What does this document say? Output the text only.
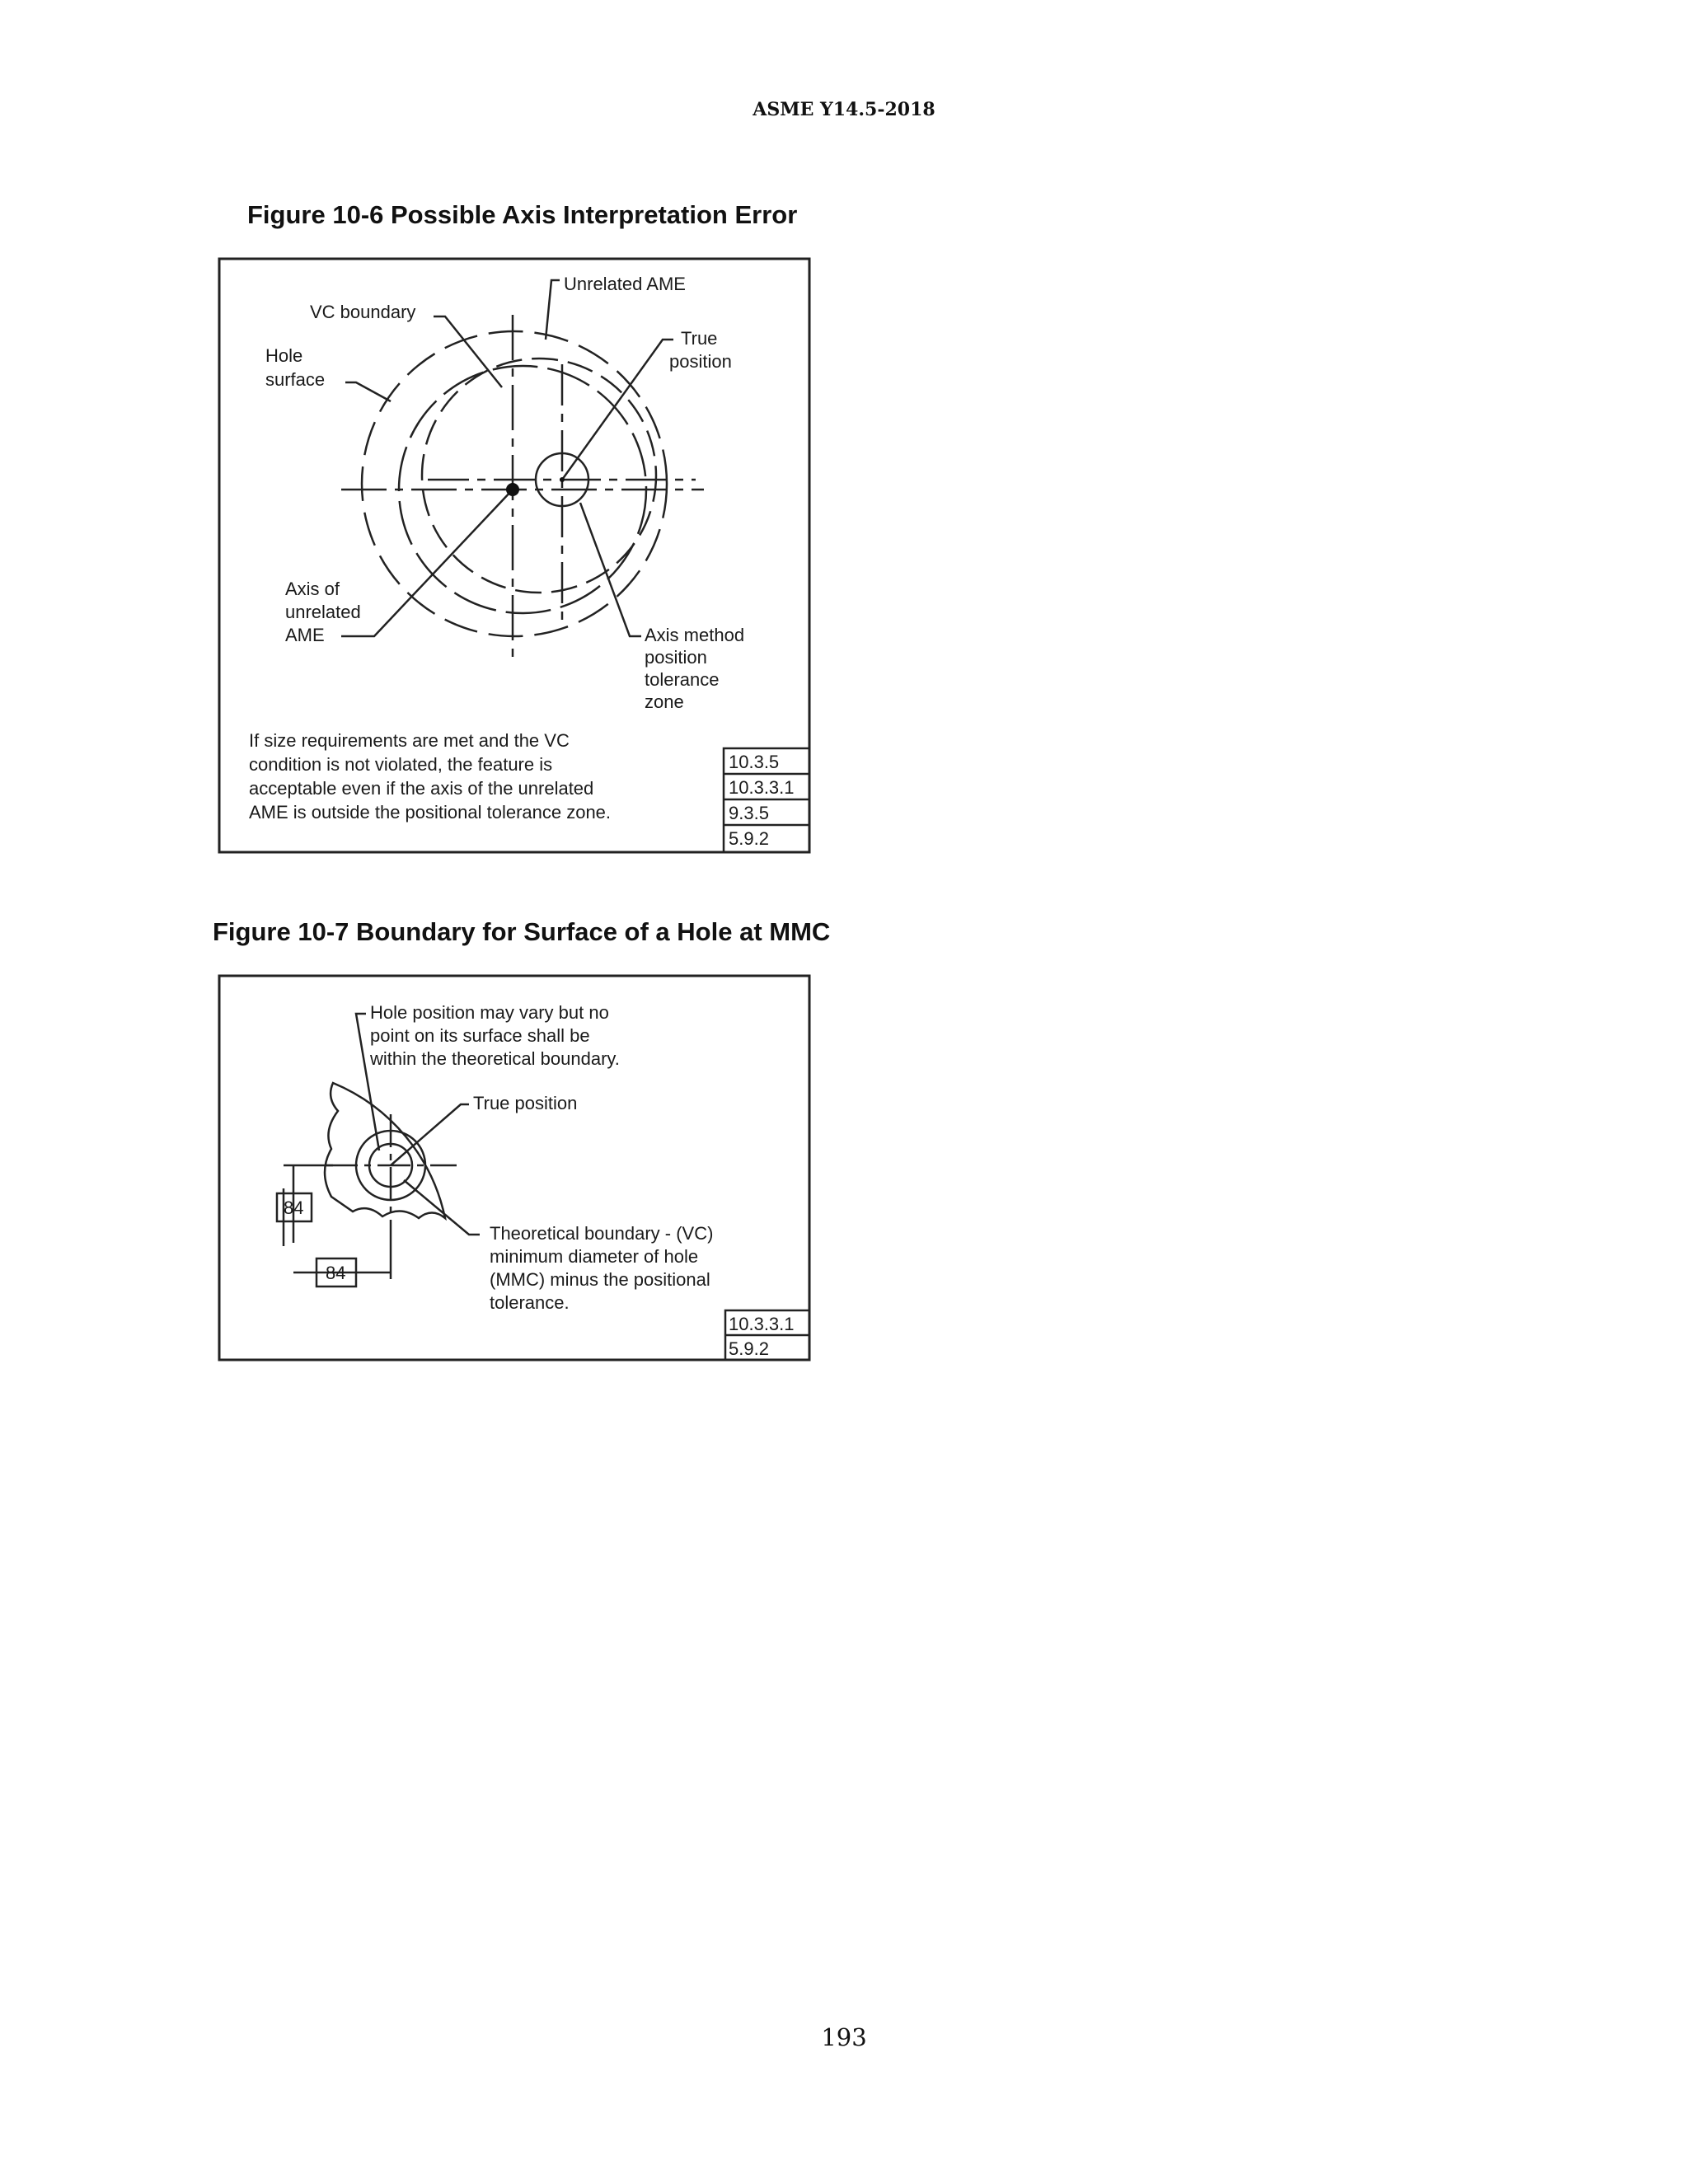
ASME Y14.5-2018
Figure 10-6 Possible Axis Interpretation Error
VC boundary
Unrelated AME
True
position
Hole
surface
Axis of
unrelated
AME	Axis method
position
tolerance
zone
If size requirements are met and the VC
condition is not violated, the feature is
acceptable even if the axis of the unrelated
AME is outside the positional tolerance zone.
10.3.5
10.3.3.1
9.3.5
5.9.2
Figure 10-7 Boundary for Surface of a Hole at MMC
84
84
Hole position may vary but no
point on its surface shall be
within the theoretical boundary.
True position
Theoretical boundary - (VC)
minimum diameter of hole
(MMC) minus the positional
tolerance.
10.3.3.1
5.9.2
193
